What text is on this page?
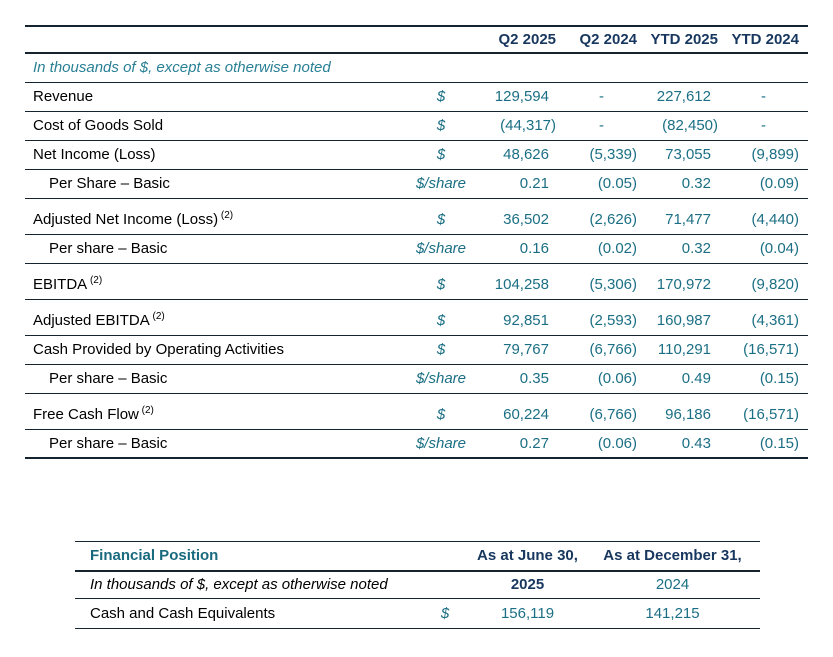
		Q2 2025	Q2 2024	YTD 2025	YTD 2024
In thousands of $, except as otherwise noted					
Revenue	$	129,594	-	227,612	-
Cost of Goods Sold	$	(44,317)	-	(82,450)	-
Net Income (Loss)	$	48,626	(5,339)	73,055	(9,899)
Per Share – Basic	$/share	0.21	(0.05)	0.32	(0.09)
Adjusted Net Income (Loss) $^{(2)}$	$	36,502	(2,626)	71,477	(4,440)
Per share – Basic	$/share	0.16	(0.02)	0.32	(0.04)
EBITDA $^{(2)}$	$	104,258	(5,306)	170,972	(9,820)
Adjusted EBITDA $^{(2)}$	$	92,851	(2,593)	160,987	(4,361)
Cash Provided by Operating Activities	$	79,767	(6,766)	110,291	(16,571)
Per share – Basic	$/share	0.35	(0.06)	0.49	(0.15)
Free Cash Flow $^{(2)}$	$	60,224	(6,766)	96,186	(16,571)
Per share – Basic	$/share	0.27	(0.06)	0.43	(0.15)
Financial Position		As at June 30,	As at December 31,
In thousands of $, except as otherwise noted		2025	2024
Cash and Cash Equivalents	$	156,119	141,215
